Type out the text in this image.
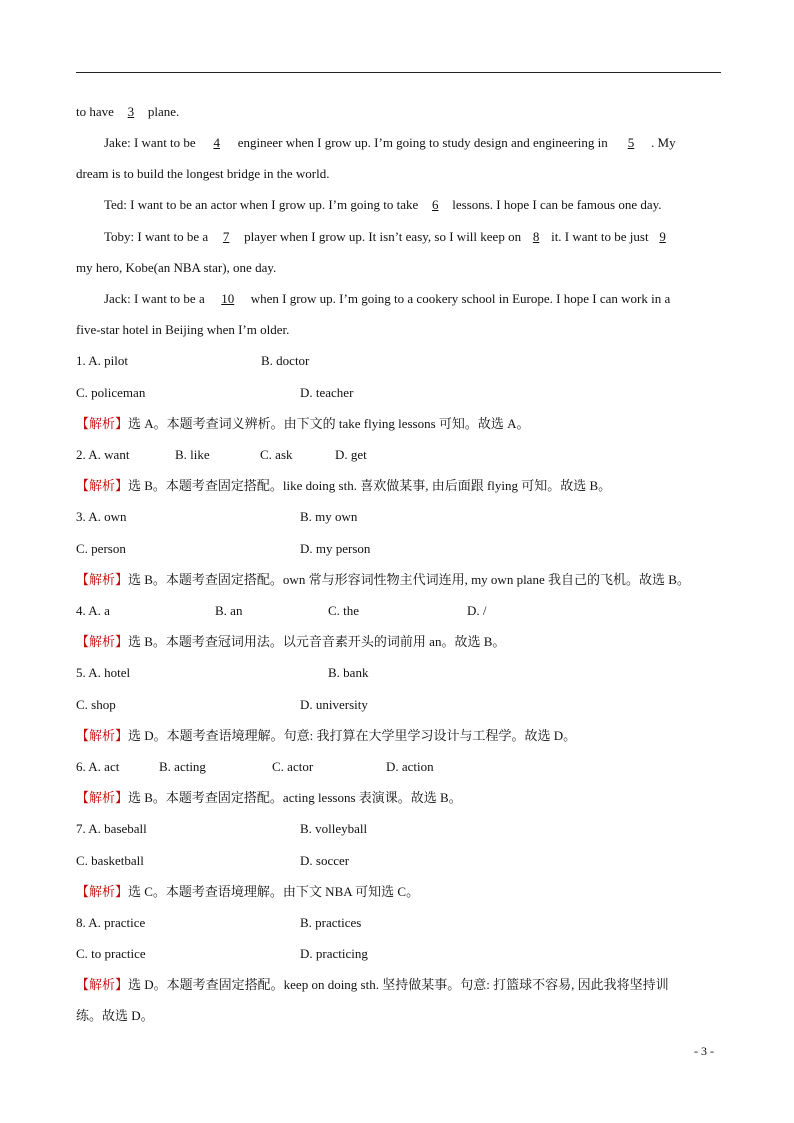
to have 3 plane.
Jake: I want to be 4 engineer when I grow up. I’m going to study design and engineering in 5 . My
dream is to build the longest bridge in the world.
Ted: I want to be an actor when I grow up. I’m going to take 6 lessons. I hope I can be famous one day.
Toby: I want to be a 7 player when I grow up. It isn’t easy, so I will keep on 8 it. I want to be just 9
my hero, Kobe(an NBA star), one day.
Jack: I want to be a 10 when I grow up. I’m going to a cookery school in Europe. I hope I can work in a
five-star hotel in Beijing when I’m older.
1. A. pilot	B. doctor
C. policeman	D. teacher
【解析】选 A。本题考查词义辨析。由下文的 take flying lessons 可知。故选 A。
2. A. want	B. like	C. ask	D. get
【解析】选 B。本题考查固定搭配。like doing sth. 喜欢做某事, 由后面跟 flying 可知。故选 B。
3. A. own	B. my own
C. person	D. my person
【解析】选 B。本题考查固定搭配。own 常与形容词性物主代词连用, my own plane 我自己的飞机。故选 B。
4. A. a	B. an	C. the	D. /
【解析】选 B。本题考查冠词用法。以元音音素开头的词前用 an。故选 B。
5. A. hotel	B. bank
C. shop	D. university
【解析】选 D。本题考查语境理解。句意: 我打算在大学里学习设计与工程学。故选 D。
6. A. act	B. acting	C. actor	D. action
【解析】选 B。本题考查固定搭配。acting lessons 表演课。故选 B。
7. A. baseball	B. volleyball
C. basketball	D. soccer
【解析】选 C。本题考查语境理解。由下文 NBA 可知选 C。
8. A. practice	B. practices
C. to practice	D. practicing
【解析】选 D。本题考查固定搭配。keep on doing sth. 坚持做某事。句意: 打篮球不容易, 因此我将坚持训
练。故选 D。
- 3 -
